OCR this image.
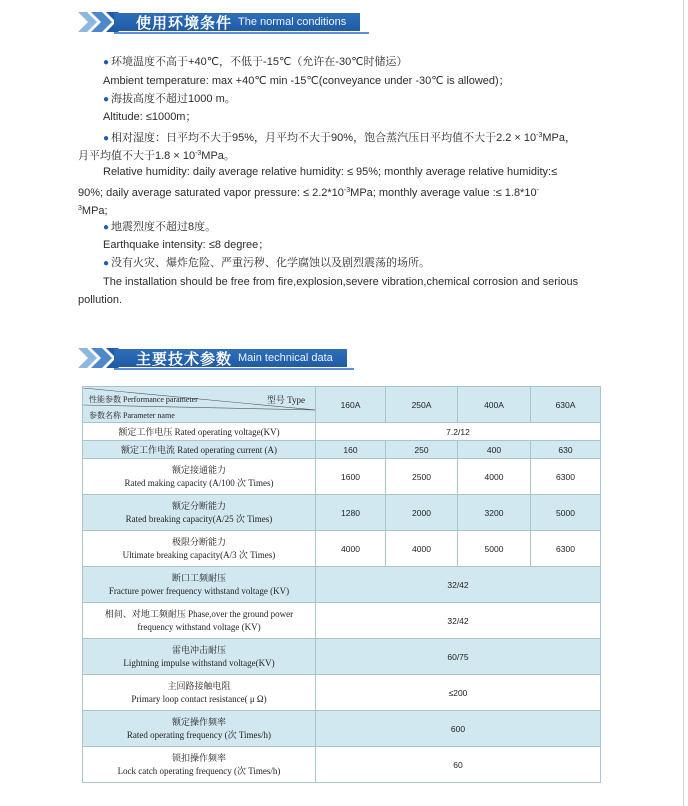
使用环境条件 The normal conditions
● 环境温度不高于+40℃，不低于-15℃（允许在-30℃时储运）
Ambient temperature: max +40℃ min -15℃(conveyance under -30℃ is allowed)；
● 海拔高度不超过1000 m。
Altitude: ≤1000m；
● 相对湿度：日平均不大于95%，月平均不大于90%，饱合蒸汽压日平均值不大于$2.2 \times 10^{-3}MPa$，
月平均值不大于$1.8 \times 10^{-3}MPa$。
Relative humidity: daily average relative humidity: ≤ 95%; monthly average relative humidity:≤
90%; daily average saturated vapor pressure: ≤ $2.2*10^{-3}MPa$; monthly average value :≤ 1.8*10-
$^3$MPa;
● 地震烈度不超过8度。
Earthquake intensity: ≤8 degree；
● 没有火灾、爆炸危险、严重污秽、化学腐蚀以及剧烈震荡的场所。
The installation should be free from fire,explosion,severe vibration,chemical corrosion and serious
pollution.
主要技术参数 Main technical data
性能参数 Performance parameter 型号 Type
参数名称 Parameter name	160A	250A	400A	630A
额定工作电压 Rated operating voltage(KV)	7.2/12			
额定工作电流 Rated operating current (A)	160	250	400	630

额定接通能力
Rated making capacity (A/100 次 Times)	1600	2500	4000	6300

额定分断能力
Rated breaking capacity(A/25 次 Times)	1280	2000	3200	5000

极限分断能力
Ultimate breaking capacity(A/3 次 Times)	4000	4000	5000	6300

断口工频耐压
Fracture power frequency withstand voltage (KV)	32/42			

相间、对地工频耐压 Phase,over the ground power
frequency withstand voltage (KV)	32/42			

雷电冲击耐压
Lightning impulse withstand voltage(KV)	60/75			

主回路接触电阻
Primary loop contact resistance( μ Ω)	≤200			

额定操作频率
Rated operating frequency (次 Times/h)	600			

锁扣操作频率
Lock catch operating frequency (次 Times/h)	60			
